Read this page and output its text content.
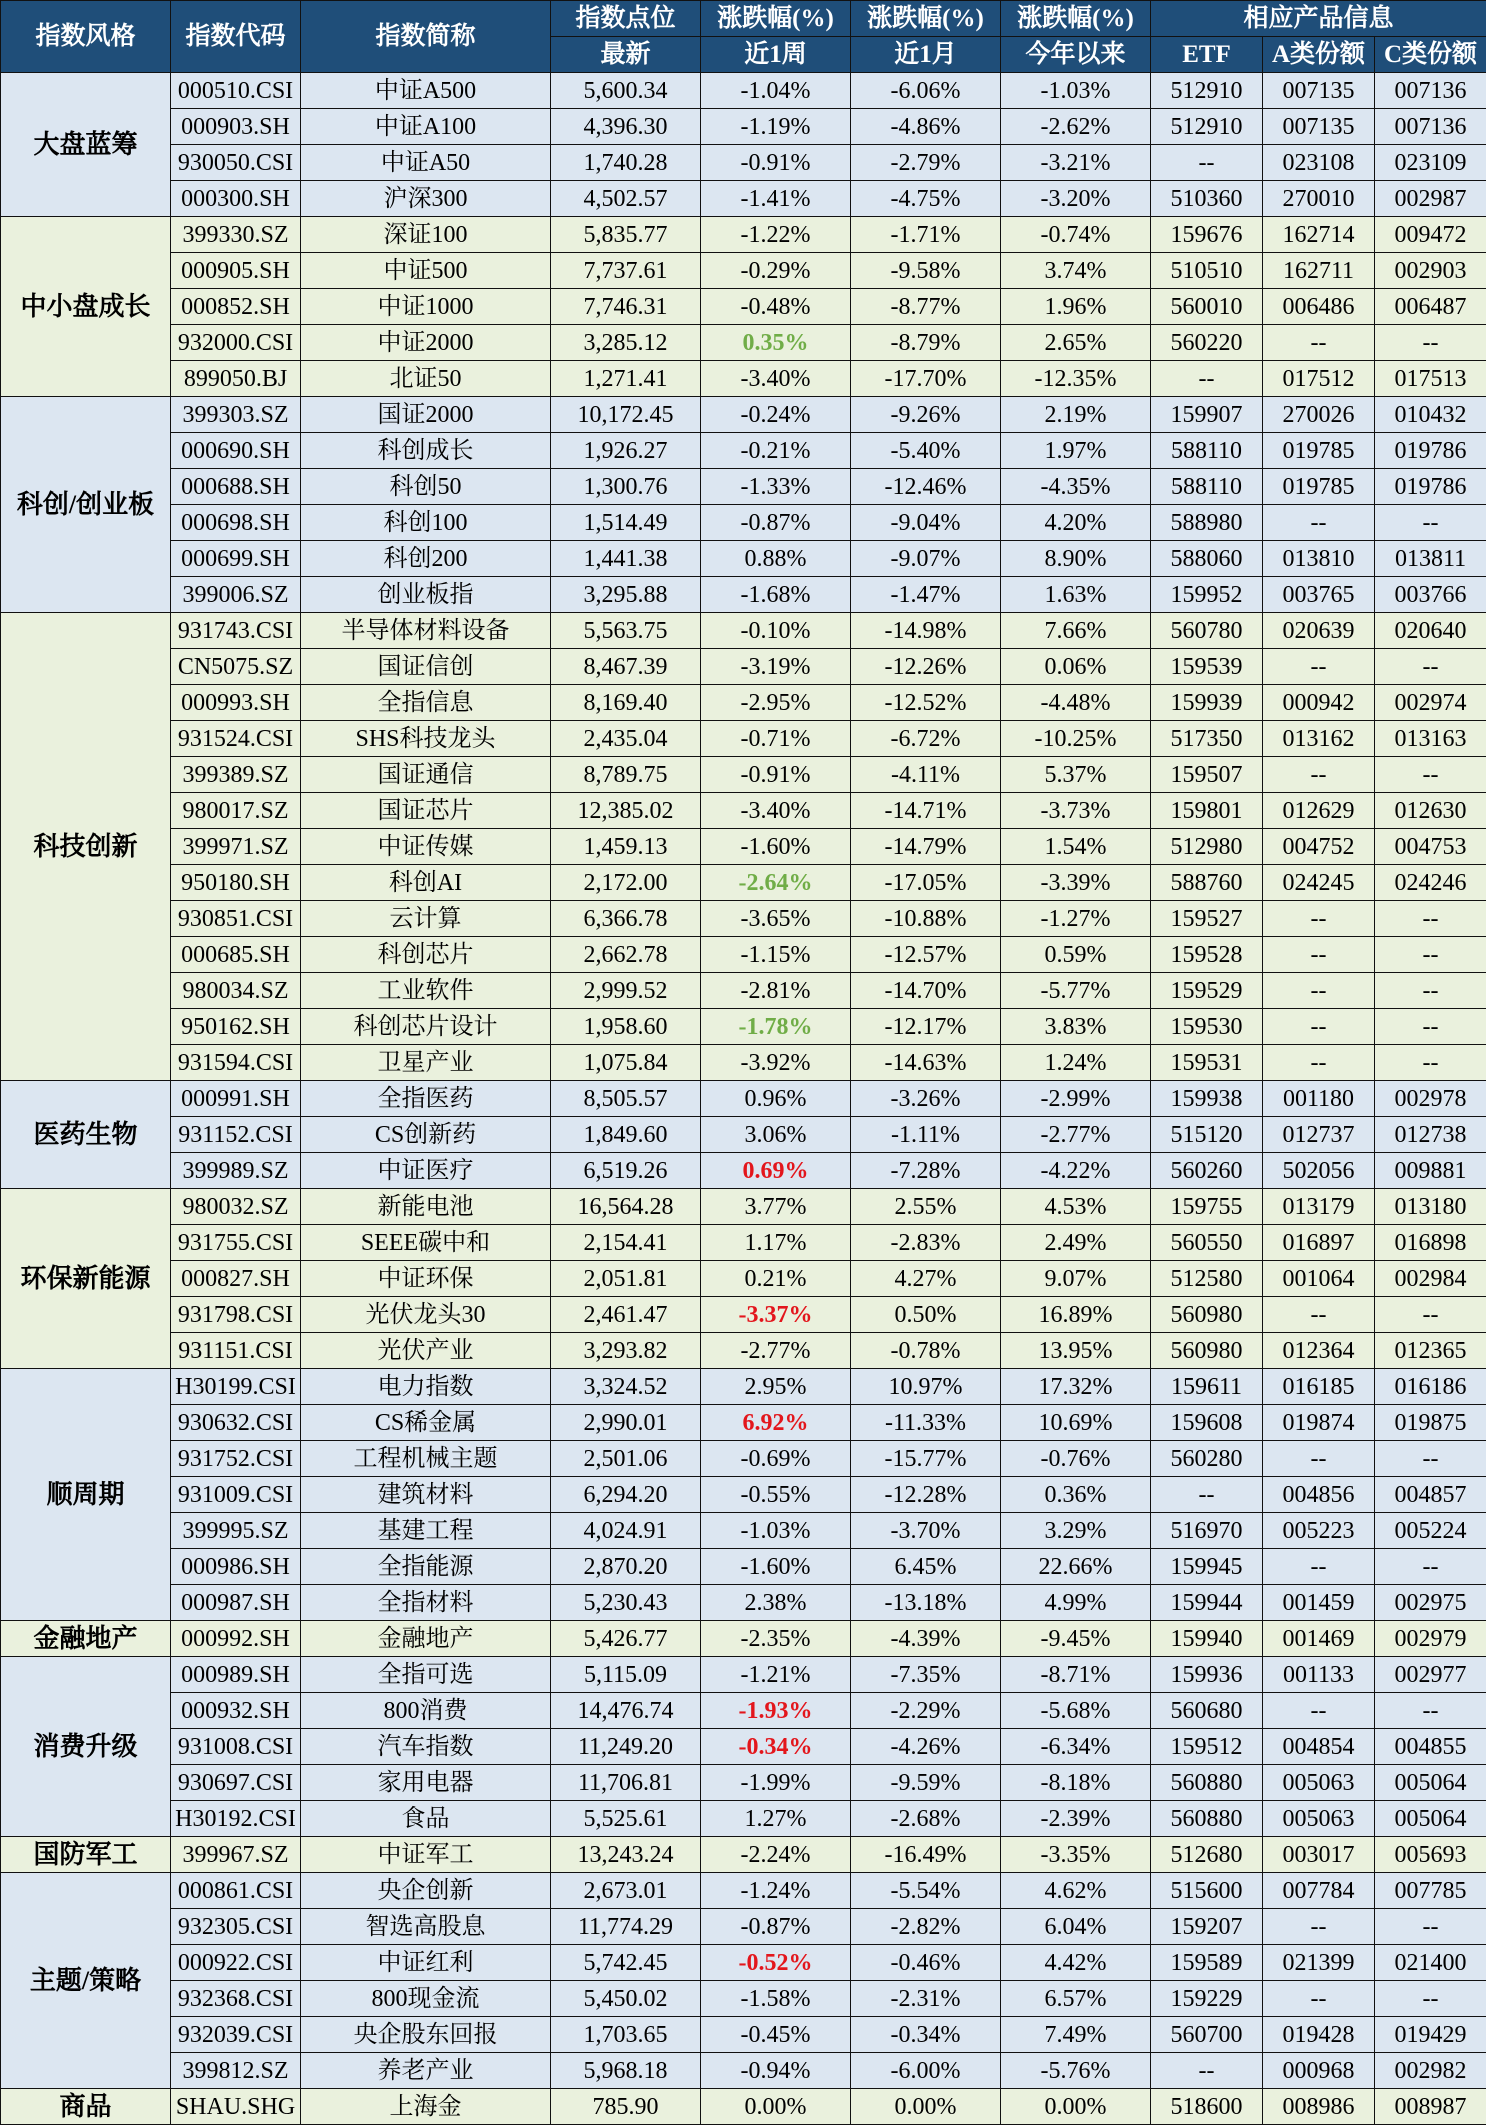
指数风格	指数代码	指数简称	指数点位	涨跌幅(%)	涨跌幅(%)	涨跌幅(%)	相应产品信息		
			最新	近1周	近1月	今年以来	ETF	A类份额	C类份额
大盘蓝筹	000510.CSI	中证A500	5,600.34	-1.04%	-6.06%	-1.03%	512910	007135	007136
	000903.SH	中证A100	4,396.30	-1.19%	-4.86%	-2.62%	512910	007135	007136
	930050.CSI	中证A50	1,740.28	-0.91%	-2.79%	-3.21%	--	023108	023109
	000300.SH	沪深300	4,502.57	-1.41%	-4.75%	-3.20%	510360	270010	002987
中小盘成长	399330.SZ	深证100	5,835.77	-1.22%	-1.71%	-0.74%	159676	162714	009472
	000905.SH	中证500	7,737.61	-0.29%	-9.58%	3.74%	510510	162711	002903
	000852.SH	中证1000	7,746.31	-0.48%	-8.77%	1.96%	560010	006486	006487
	932000.CSI	中证2000	3,285.12	0.35%	-8.79%	2.65%	560220	--	--
	899050.BJ	北证50	1,271.41	-3.40%	-17.70%	-12.35%	--	017512	017513
科创/创业板	399303.SZ	国证2000	10,172.45	-0.24%	-9.26%	2.19%	159907	270026	010432
	000690.SH	科创成长	1,926.27	-0.21%	-5.40%	1.97%	588110	019785	019786
	000688.SH	科创50	1,300.76	-1.33%	-12.46%	-4.35%	588110	019785	019786
	000698.SH	科创100	1,514.49	-0.87%	-9.04%	4.20%	588980	--	--
	000699.SH	科创200	1,441.38	0.88%	-9.07%	8.90%	588060	013810	013811
	399006.SZ	创业板指	3,295.88	-1.68%	-1.47%	1.63%	159952	003765	003766
科技创新	931743.CSI	半导体材料设备	5,563.75	-0.10%	-14.98%	7.66%	560780	020639	020640
	CN5075.SZ	国证信创	8,467.39	-3.19%	-12.26%	0.06%	159539	--	--
	000993.SH	全指信息	8,169.40	-2.95%	-12.52%	-4.48%	159939	000942	002974
	931524.CSI	SHS科技龙头	2,435.04	-0.71%	-6.72%	-10.25%	517350	013162	013163
	399389.SZ	国证通信	8,789.75	-0.91%	-4.11%	5.37%	159507	--	--
	980017.SZ	国证芯片	12,385.02	-3.40%	-14.71%	-3.73%	159801	012629	012630
	399971.SZ	中证传媒	1,459.13	-1.60%	-14.79%	1.54%	512980	004752	004753
	950180.SH	科创AI	2,172.00	-2.64%	-17.05%	-3.39%	588760	024245	024246
	930851.CSI	云计算	6,366.78	-3.65%	-10.88%	-1.27%	159527	--	--
	000685.SH	科创芯片	2,662.78	-1.15%	-12.57%	0.59%	159528	--	--
	980034.SZ	工业软件	2,999.52	-2.81%	-14.70%	-5.77%	159529	--	--
	950162.SH	科创芯片设计	1,958.60	-1.78%	-12.17%	3.83%	159530	--	--
	931594.CSI	卫星产业	1,075.84	-3.92%	-14.63%	1.24%	159531	--	--
医药生物	000991.SH	全指医药	8,505.57	0.96%	-3.26%	-2.99%	159938	001180	002978
	931152.CSI	CS创新药	1,849.60	3.06%	-1.11%	-2.77%	515120	012737	012738
	399989.SZ	中证医疗	6,519.26	0.69%	-7.28%	-4.22%	560260	502056	009881
环保新能源	980032.SZ	新能电池	16,564.28	3.77%	2.55%	4.53%	159755	013179	013180
	931755.CSI	SEEE碳中和	2,154.41	1.17%	-2.83%	2.49%	560550	016897	016898
	000827.SH	中证环保	2,051.81	0.21%	4.27%	9.07%	512580	001064	002984
	931798.CSI	光伏龙头30	2,461.47	-3.37%	0.50%	16.89%	560980	--	--
	931151.CSI	光伏产业	3,293.82	-2.77%	-0.78%	13.95%	560980	012364	012365
顺周期	H30199.CSI	电力指数	3,324.52	2.95%	10.97%	17.32%	159611	016185	016186
	930632.CSI	CS稀金属	2,990.01	6.92%	-11.33%	10.69%	159608	019874	019875
	931752.CSI	工程机械主题	2,501.06	-0.69%	-15.77%	-0.76%	560280	--	--
	931009.CSI	建筑材料	6,294.20	-0.55%	-12.28%	0.36%	--	004856	004857
	399995.SZ	基建工程	4,024.91	-1.03%	-3.70%	3.29%	516970	005223	005224
	000986.SH	全指能源	2,870.20	-1.60%	6.45%	22.66%	159945	--	--
	000987.SH	全指材料	5,230.43	2.38%	-13.18%	4.99%	159944	001459	002975
金融地产	000992.SH	金融地产	5,426.77	-2.35%	-4.39%	-9.45%	159940	001469	002979
消费升级	000989.SH	全指可选	5,115.09	-1.21%	-7.35%	-8.71%	159936	001133	002977
	000932.SH	800消费	14,476.74	-1.93%	-2.29%	-5.68%	560680	--	--
	931008.CSI	汽车指数	11,249.20	-0.34%	-4.26%	-6.34%	159512	004854	004855
	930697.CSI	家用电器	11,706.81	-1.99%	-9.59%	-8.18%	560880	005063	005064
	H30192.CSI	食品	5,525.61	1.27%	-2.68%	-2.39%	560880	005063	005064
国防军工	399967.SZ	中证军工	13,243.24	-2.24%	-16.49%	-3.35%	512680	003017	005693
主题/策略	000861.CSI	央企创新	2,673.01	-1.24%	-5.54%	4.62%	515600	007784	007785
	932305.CSI	智选高股息	11,774.29	-0.87%	-2.82%	6.04%	159207	--	--
	000922.CSI	中证红利	5,742.45	-0.52%	-0.46%	4.42%	159589	021399	021400
	932368.CSI	800现金流	5,450.02	-1.58%	-2.31%	6.57%	159229	--	--
	932039.CSI	央企股东回报	1,703.65	-0.45%	-0.34%	7.49%	560700	019428	019429
	399812.SZ	养老产业	5,968.18	-0.94%	-6.00%	-5.76%	--	000968	002982
商品	SHAU.SHG	上海金	785.90	0.00%	0.00%	0.00%	518600	008986	008987
